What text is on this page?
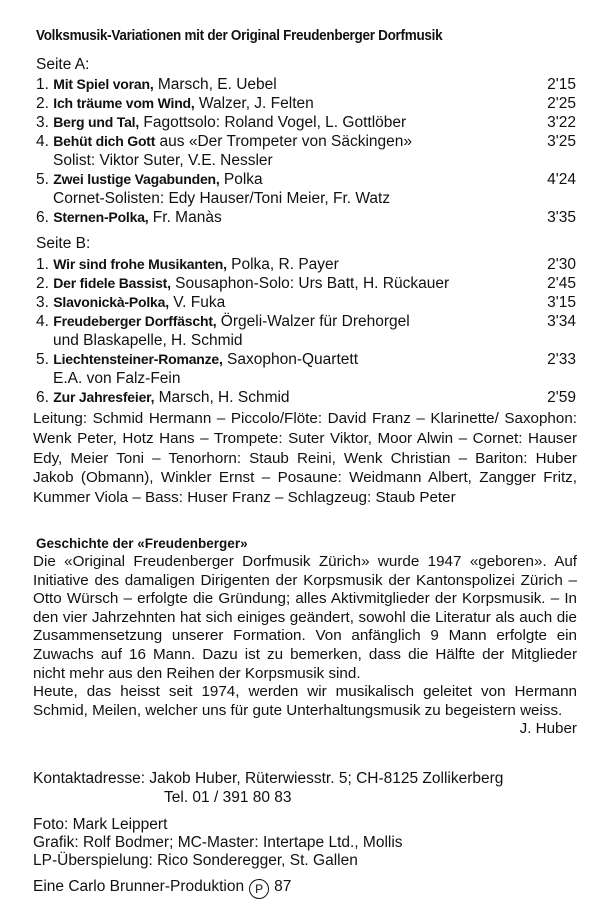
Volksmusik-Variationen mit der Original Freudenberger Dorfmusik
Seite A:
1. Mit Spiel voran, Marsch, E. Uebel	2'15
2. Ich träume vom Wind, Walzer, J. Felten	2'25
3. Berg und Tal, Fagottsolo: Roland Vogel, L. Gottlöber	3'22
4. Behüt dich Gott aus «Der Trompeter von Säckingen»	3'25
Solist: Viktor Suter, V.E. Nessler
5. Zwei lustige Vagabunden, Polka	4'24
Cornet-Solisten: Edy Hauser/Toni Meier, Fr. Watz
6. Sternen-Polka, Fr. Manàs	3'35
Seite B:
1. Wir sind frohe Musikanten, Polka, R. Payer	2'30
2. Der fidele Bassist, Sousaphon-Solo: Urs Batt, H. Rückauer	2'45
3. Slavonickà-Polka, V. Fuka	3'15
4. Freudeberger Dorffäscht, Örgeli-Walzer für Drehorgel	3'34
und Blaskapelle, H. Schmid
5. Liechtensteiner-Romanze, Saxophon-Quartett	2'33
E.A. von Falz-Fein
6. Zur Jahresfeier, Marsch, H. Schmid	2'59
Leitung: Schmid Hermann – Piccolo/Flöte: David Franz – Klarinette/ Saxophon: Wenk Peter, Hotz Hans – Trompete: Suter Viktor, Moor Alwin – Cornet: Hauser Edy, Meier Toni – Tenorhorn: Staub Reini, Wenk Christian – Bariton: Huber Jakob (Obmann), Winkler Ernst – Posaune: Weidmann Albert, Zangger Fritz, Kummer Viola – Bass: Huser Franz – Schlagzeug: Staub Peter
Geschichte der «Freudenberger»
Die «Original Freudenberger Dorfmusik Zürich» wurde 1947 «geboren». Auf Initiative des damaligen Dirigenten der Korpsmusik der Kantonspolizei Zürich – Otto Würsch – erfolgte die Gründung; alles Aktivmitglieder der Korpsmusik. – In den vier Jahrzehnten hat sich einiges geändert, sowohl die Literatur als auch die Zusammensetzung unserer Formation. Von anfänglich 9 Mann erfolgte ein Zuwachs auf 16 Mann. Dazu ist zu bemerken, dass die Hälfte der Mitglieder nicht mehr aus den Reihen der Korpsmusik sind.
Heute, das heisst seit 1974, werden wir musikalisch geleitet von Hermann Schmid, Meilen, welcher uns für gute Unterhaltungsmusik zu begeistern weiss.
J. Huber
Kontaktadresse: Jakob Huber, Rüterwiesstr. 5; CH-8125 Zollikerberg
Tel. 01 / 391 80 83
Foto: Mark Leippert
Grafik: Rolf Bodmer; MC-Master: Intertape Ltd., Mollis
LP-Überspielung: Rico Sonderegger, St. Gallen
Eine Carlo Brunner-Produktion P 87
